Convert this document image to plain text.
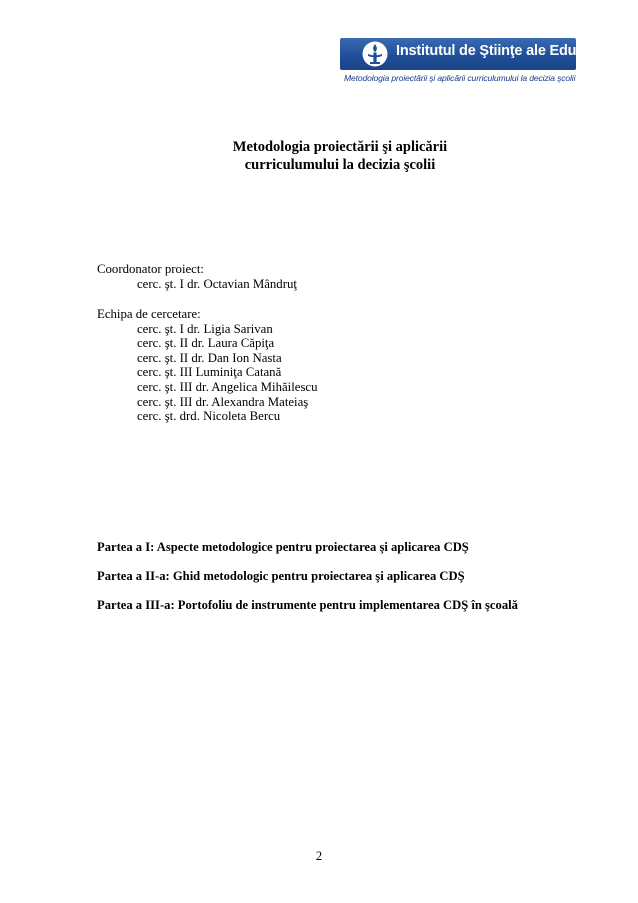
Institutul de Ştiinţe ale Educaţiei
Metodologia proiectării şi aplicării curriculumului la decizia şcolii
Metodologia proiectării şi aplicării
curriculumului la decizia şcolii
Coordonator proiect:
cerc. şt. I dr. Octavian Mândruţ
Echipa de cercetare:
cerc. şt. I dr. Ligia Sarivan
cerc. şt. II dr. Laura Căpiţa
cerc. şt. II dr. Dan Ion Nasta
cerc. şt. III Luminiţa Catană
cerc. şt. III dr. Angelica Mihăilescu
cerc. şt. III dr. Alexandra Mateiaş
cerc. şt. drd. Nicoleta Bercu
Partea a I: Aspecte metodologice pentru proiectarea şi aplicarea CDŞ
Partea a II-a: Ghid metodologic pentru proiectarea şi aplicarea CDŞ
Partea a III-a: Portofoliu de instrumente pentru implementarea CDŞ în şcoală
2
